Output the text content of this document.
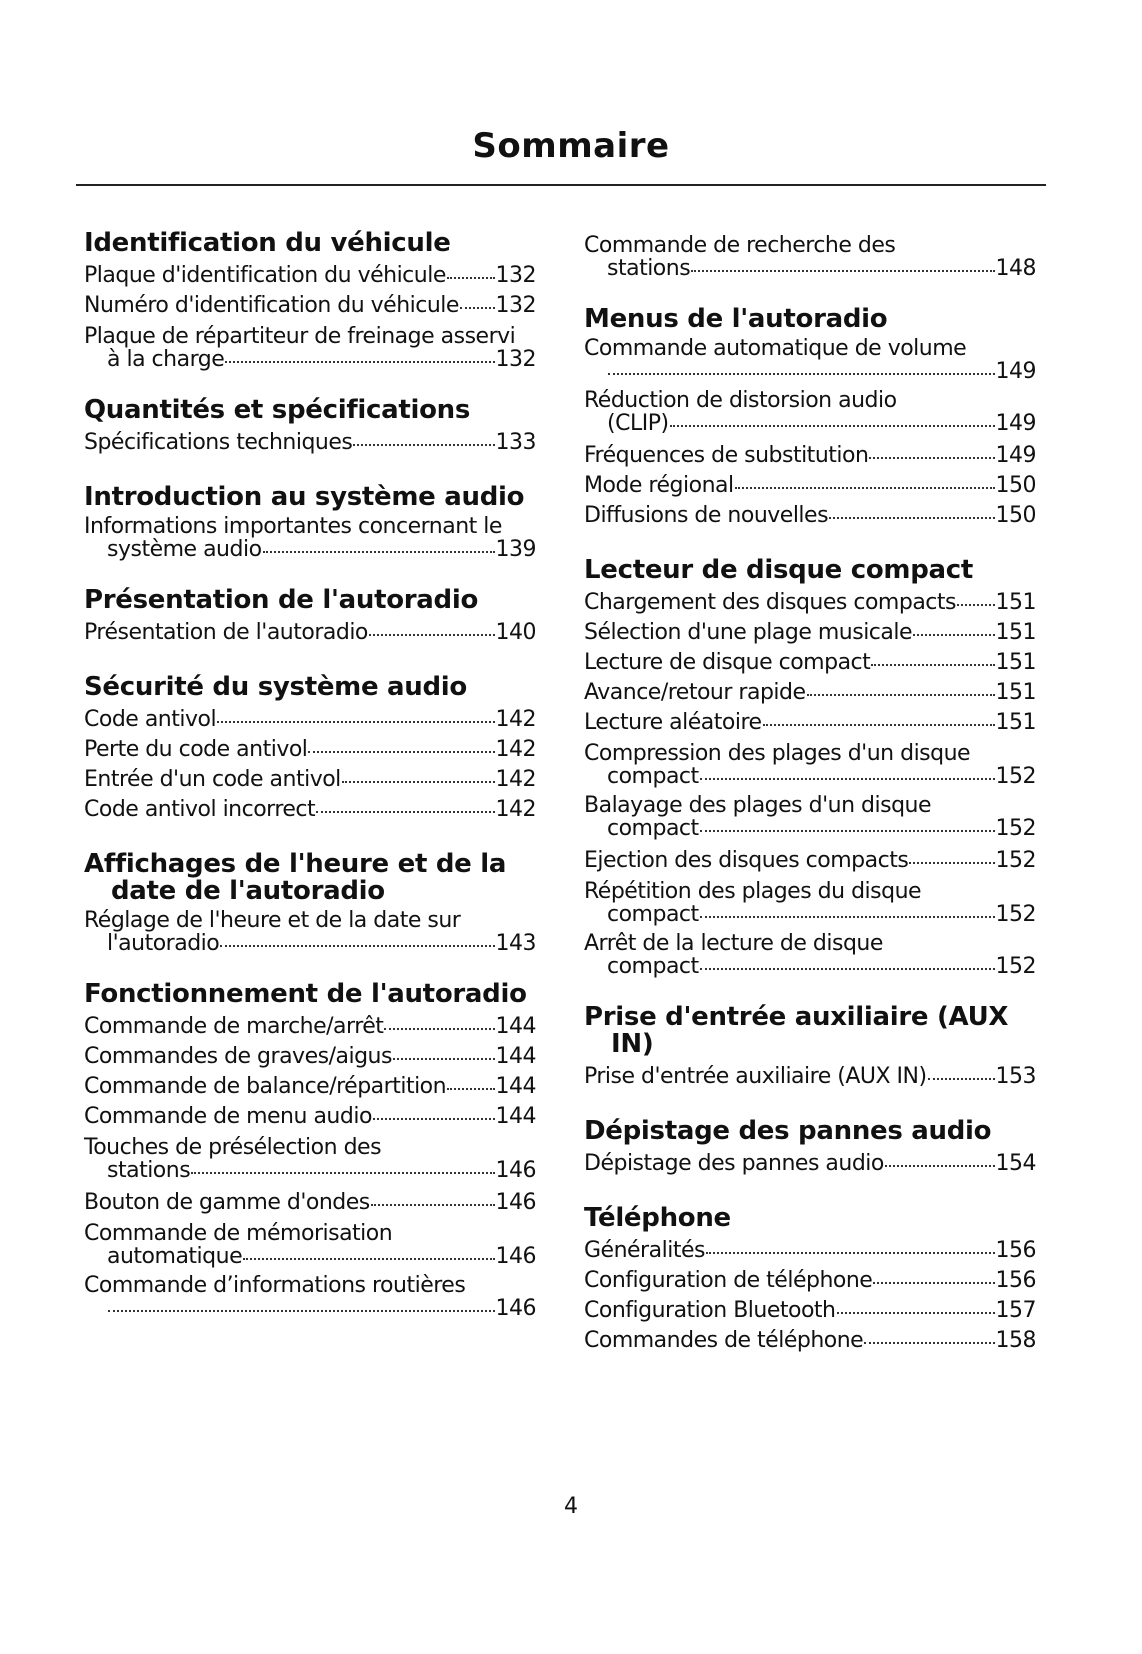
Sommaire
Identification du véhicule
Plaque d'identification du véhicule 132
Numéro d'identification du véhicule 132
Plaque de répartiteur de freinage asservi
à la charge	132
Quantités et spécifications
Spécifications techniques	133
Introduction au système audio
Informations importantes concernant le
système audio	139
Présentation de l'autoradio
Présentation de l'autoradio	140
Sécurité du système audio
Code antivol	142
Perte du code antivol	142
Entrée d'un code antivol	142
Code antivol incorrect	142
Affichages de l'heure et de la date de l'autoradio
Réglage de l'heure et de la date sur
l'autoradio	143
Fonctionnement de l'autoradio
Commande de marche/arrêt	144
Commandes de graves/aigus	144
Commande de balance/répartition 144
Commande de menu audio	144
Touches de présélection des
stations	146
Bouton de gamme d'ondes	146
Commande de mémorisation
automatique	146
Commande d’informations routières
146
Commande de recherche des
stations	148
Menus de l'autoradio
Commande automatique de volume
149
Réduction de distorsion audio
(CLIP)	149
Fréquences de substitution	149
Mode régional	150
Diffusions de nouvelles	150
Lecteur de disque compact
Chargement des disques compacts 151
Sélection d'une plage musicale	151
Lecture de disque compact	151
Avance/retour rapide	151
Lecture aléatoire	151
Compression des plages d'un disque
compact	152
Balayage des plages d'un disque
compact	152
Ejection des disques compacts	152
Répétition des plages du disque
compact	152
Arrêt de la lecture de disque
compact	152
Prise d'entrée auxiliaire (AUX IN)
Prise d'entrée auxiliaire (AUX IN)	153
Dépistage des pannes audio
Dépistage des pannes audio	154
Téléphone
Généralités	156
Configuration de téléphone	156
Configuration Bluetooth	157
Commandes de téléphone	158
4
